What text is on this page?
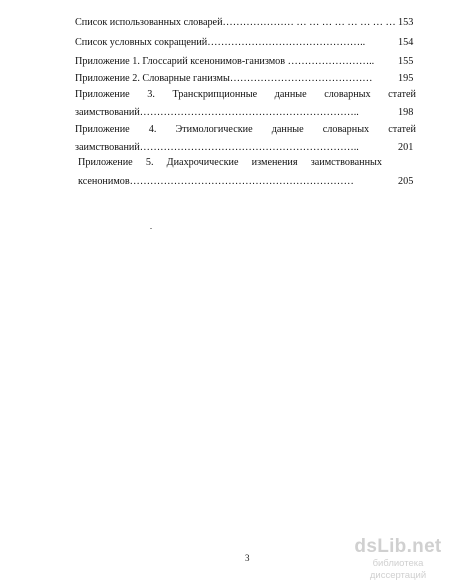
Список использованных словарей………………… … … … … … … … … 153
Список условных сокращений………………………………………..	154
Приложение 1. Глоссарий ксенонимов-ганизмов …………………….. 155
Приложение 2. Словарные ганизмы……………………………………	195
Приложение 3. Транскрипционные данные словарных статей
заимствований………………………………………………………..	198
Приложение 4. Этимологические данные словарных статей
заимствований………………………………………………………..	201
Приложение 5. Диахрочические изменения заимствованных
ксенонимов…………………………………………………………	205
3
dsLib.net
библиотека диссертаций
